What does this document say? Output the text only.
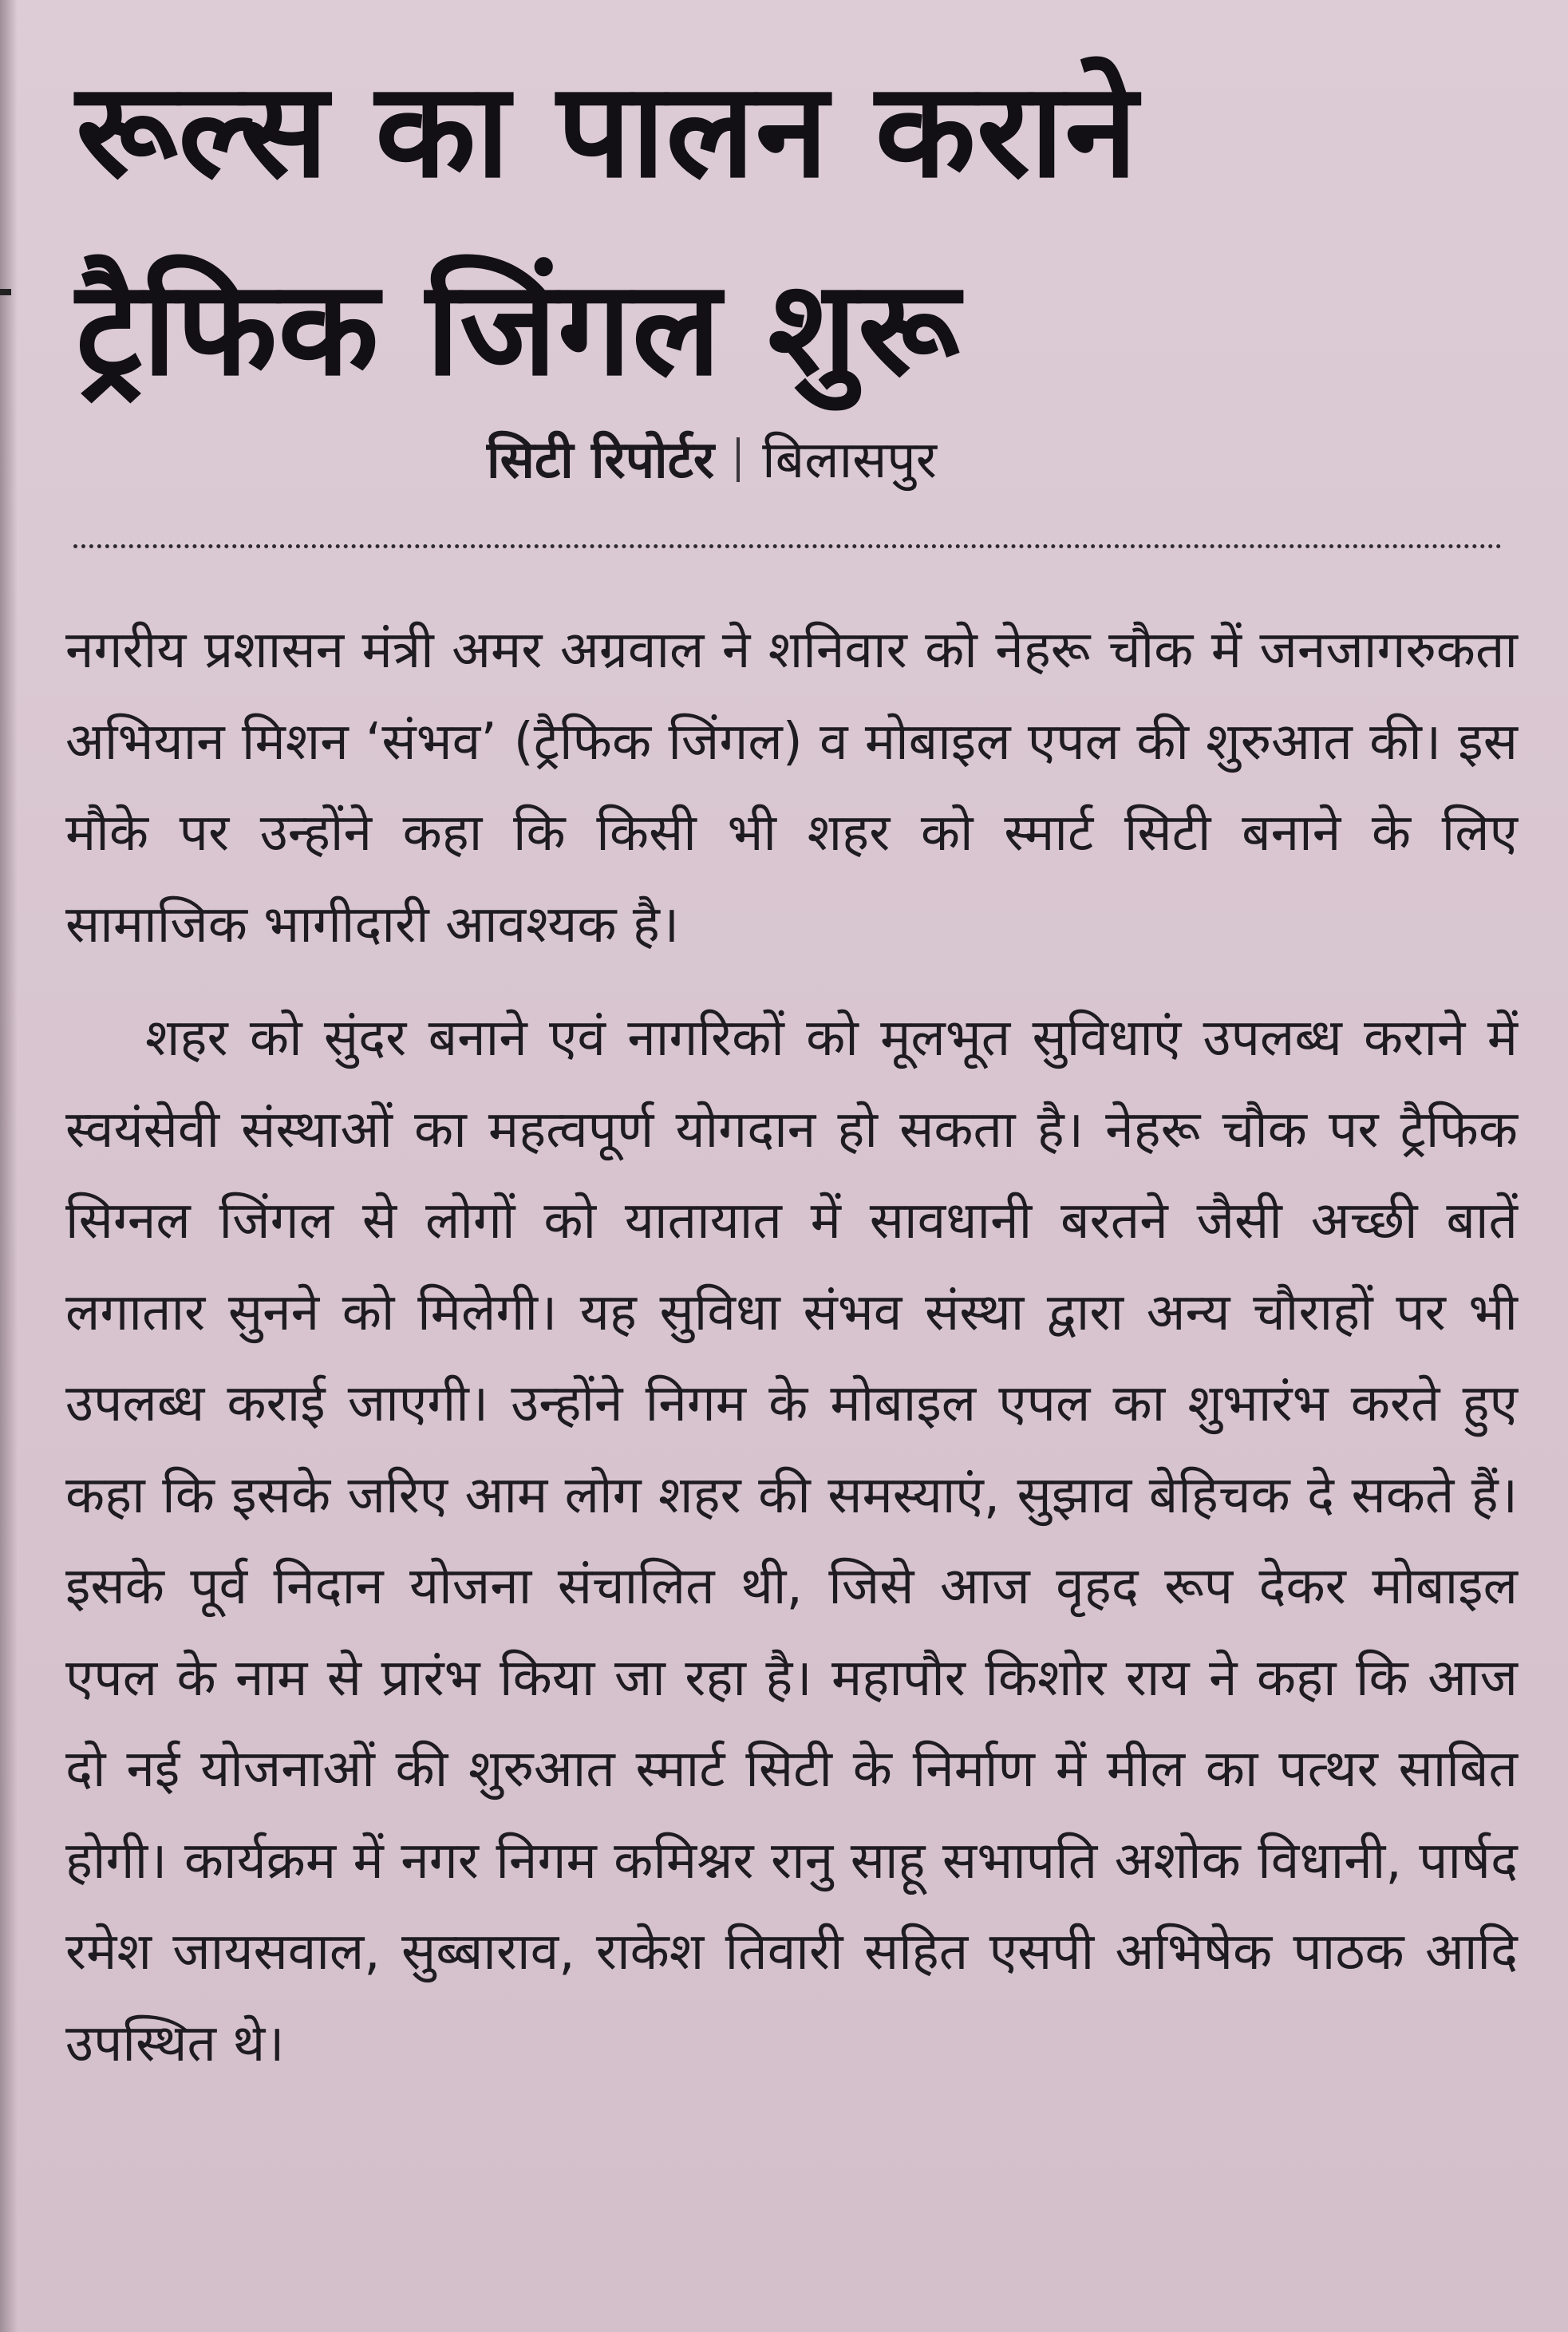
रूल्स का पालन कराने
ट्रैफिक जिंगल शुरू
सिटी रिपोर्टर बिलासपुर

नगरीय प्रशासन मंत्री अमर अग्रवाल ने शनिवार को नेहरू चौक में जनजागरुकता अभियान मिशन ‘संभव’ (ट्रैफिक जिंगल) व मोबाइल एपल की शुरुआत की। इस मौके पर उन्होंने कहा कि किसी भी शहर को स्मार्ट सिटी बनाने के लिए सामाजिक भागीदारी आवश्यक है।

शहर को सुंदर बनाने एवं नागरिकों को मूलभूत सुविधाएं उपलब्ध कराने में स्वयंसेवी संस्थाओं का महत्वपूर्ण योगदान हो सकता है। नेहरू चौक पर ट्रैफिक सिग्नल जिंगल से लोगों को यातायात में सावधानी बरतने जैसी अच्छी बातें लगातार सुनने को मिलेगी। यह सुविधा संभव संस्था द्वारा अन्य चौराहों पर भी उपलब्ध कराई जाएगी। उन्होंने निगम के मोबाइल एपल का शुभारंभ करते हुए कहा कि इसके जरिए आम लोग शहर की समस्याएं, सुझाव बेहिचक दे सकते हैं। इसके पूर्व निदान योजना संचालित थी, जिसे आज वृहद रूप देकर मोबाइल एपल के नाम से प्रारंभ किया जा रहा है। महापौर किशोर राय ने कहा कि आज दो नई योजनाओं की शुरुआत स्मार्ट सिटी के निर्माण में मील का पत्थर साबित होगी। कार्यक्रम में नगर निगम कमिश्नर रानु साहू सभापति अशोक विधानी, पार्षद रमेश जायसवाल, सुब्बाराव, राकेश तिवारी सहित एसपी अभिषेक पाठक आदि उपस्थित थे।
